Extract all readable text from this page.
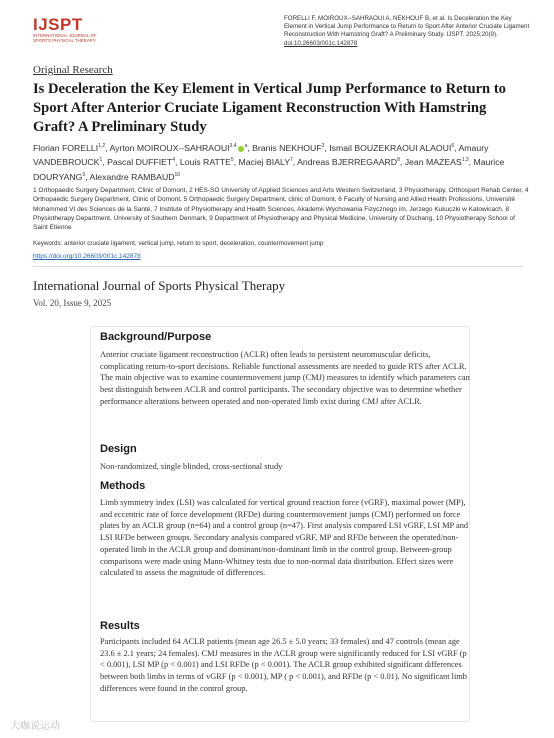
IJSPT
INTERNATIONAL JOURNAL OF SPORTS PHYSICAL THERAPY
FORELLI F, MOIROUX--SAHRAOUI A, NEKHOUF B, et al. Is Deceleration the Key Element in Vertical Jump Performance to Return to Sport After Anterior Cruciate Ligament Reconstruction With Hamstring Graft? A Preliminary Study. IJSPT. 2025;20(9).
doi:10.26603/001c.142878
Original Research
Is Deceleration the Key Element in Vertical Jump Performance to Return to Sport After Anterior Cruciate Ligament Reconstruction With Hamstring Graft? A Preliminary Study
Florian FORELLI$^{1,2}$, Ayrton MOIROUX--SAHRAOUI$^{3,4}$ $^a$, Branis NEKHOUF$^3$, Ismail BOUZEKRAOUI ALAOUI$^6$, Amaury VANDEBROUCK$^1$, Pascal DUFFIET$^4$, Louis RATTE$^5$, Maciej BIALY$^7$, Andreas BJERREGAARD$^8$, Jean MAZEAS$^{1,3}$, Maurice DOURYANG$^9$, Alexandre RAMBAUD$^{10}$
1 Orthopaedic Surgery Department, Clinic of Domont, 2 HES-SO University of Applied Sciences and Arts Western Switzerland, 3 Physiotherapy, Orthosport Rehab Center, 4 Orthopaedic Surgery Department, Clinic of Domont, 5 Orthopaedic Surgery Department, clinic of Domont, 6 Faculty of Nursing and Allied Health Professions, Université Mohammed VI des Sciences de la Santé, 7 Institute of Physiotherapy and Health Sciences, Akademii Wychowania Fizycznego im. Jerzego Kukuczki w Katowicach, 8 Physiotherapy Department, University of Southern Denmark, 9 Department of Physiotherapy and Physical Medicine, University of Dschang, 10 Physiotherapy School of Saint Etienne
Keywords: anterior cruciate ligament, vertical jump, return to sport, deceleration, countermovement jump
https://doi.org/10.26603/001c.142878
International Journal of Sports Physical Therapy
Vol. 20, Issue 9, 2025
Background/Purpose
Anterior cruciate ligament reconstruction (ACLR) often leads to persistent neuromuscular deficits, complicating return-to-sport decisions. Reliable functional assessments are needed to guide RTS after ACLR. The main objective was to examine countermovement jump (CMJ) measures to identify which parameters can best distinguish between ACLR and control participants. The secondary objective was to determine whether performance alterations between operated and non-operated limb exist during CMJ after ACLR.
Design
Non-randomized, single blinded, cross-sectional study
Methods
Limb symmetry index (LSI) was calculated for vertical ground reaction force (vGRF), maximal power (MP), and eccentric rate of force development (RFDe) during countermovement jumps (CMJ) performed on force plates by an ACLR group (n=64) and a control group (n=47). First analysis compared LSI vGRF, LSI MP and LSI RFDe between groups. Secondary analysis compared vGRF, MP and RFDe between the operated/non-operated limb in the ACLR group and dominant/non-dominant limb in the control group. Between-group comparisons were made using Mann-Whitney tests due to non-normal data distribution. Effect sizes were calculated to assess the magnitude of differences.
Results
Participants included 64 ACLR patients (mean age 26.5 ± 5.0 years; 33 females) and 47 controls (mean age 23.6 ± 2.1 years; 24 females). CMJ measures in the ACLR group were significantly reduced for LSI vGRF (p < 0.001), LSI MP (p < 0.001) and LSI RFDe (p < 0.001). The ACLR group exhibited significant differences between both limbs in terms of vGRF (p < 0.001), MP ( p < 0.001), and RFDe (p < 0.01). No significant limb differences were found in the control group.
大咖说运动
